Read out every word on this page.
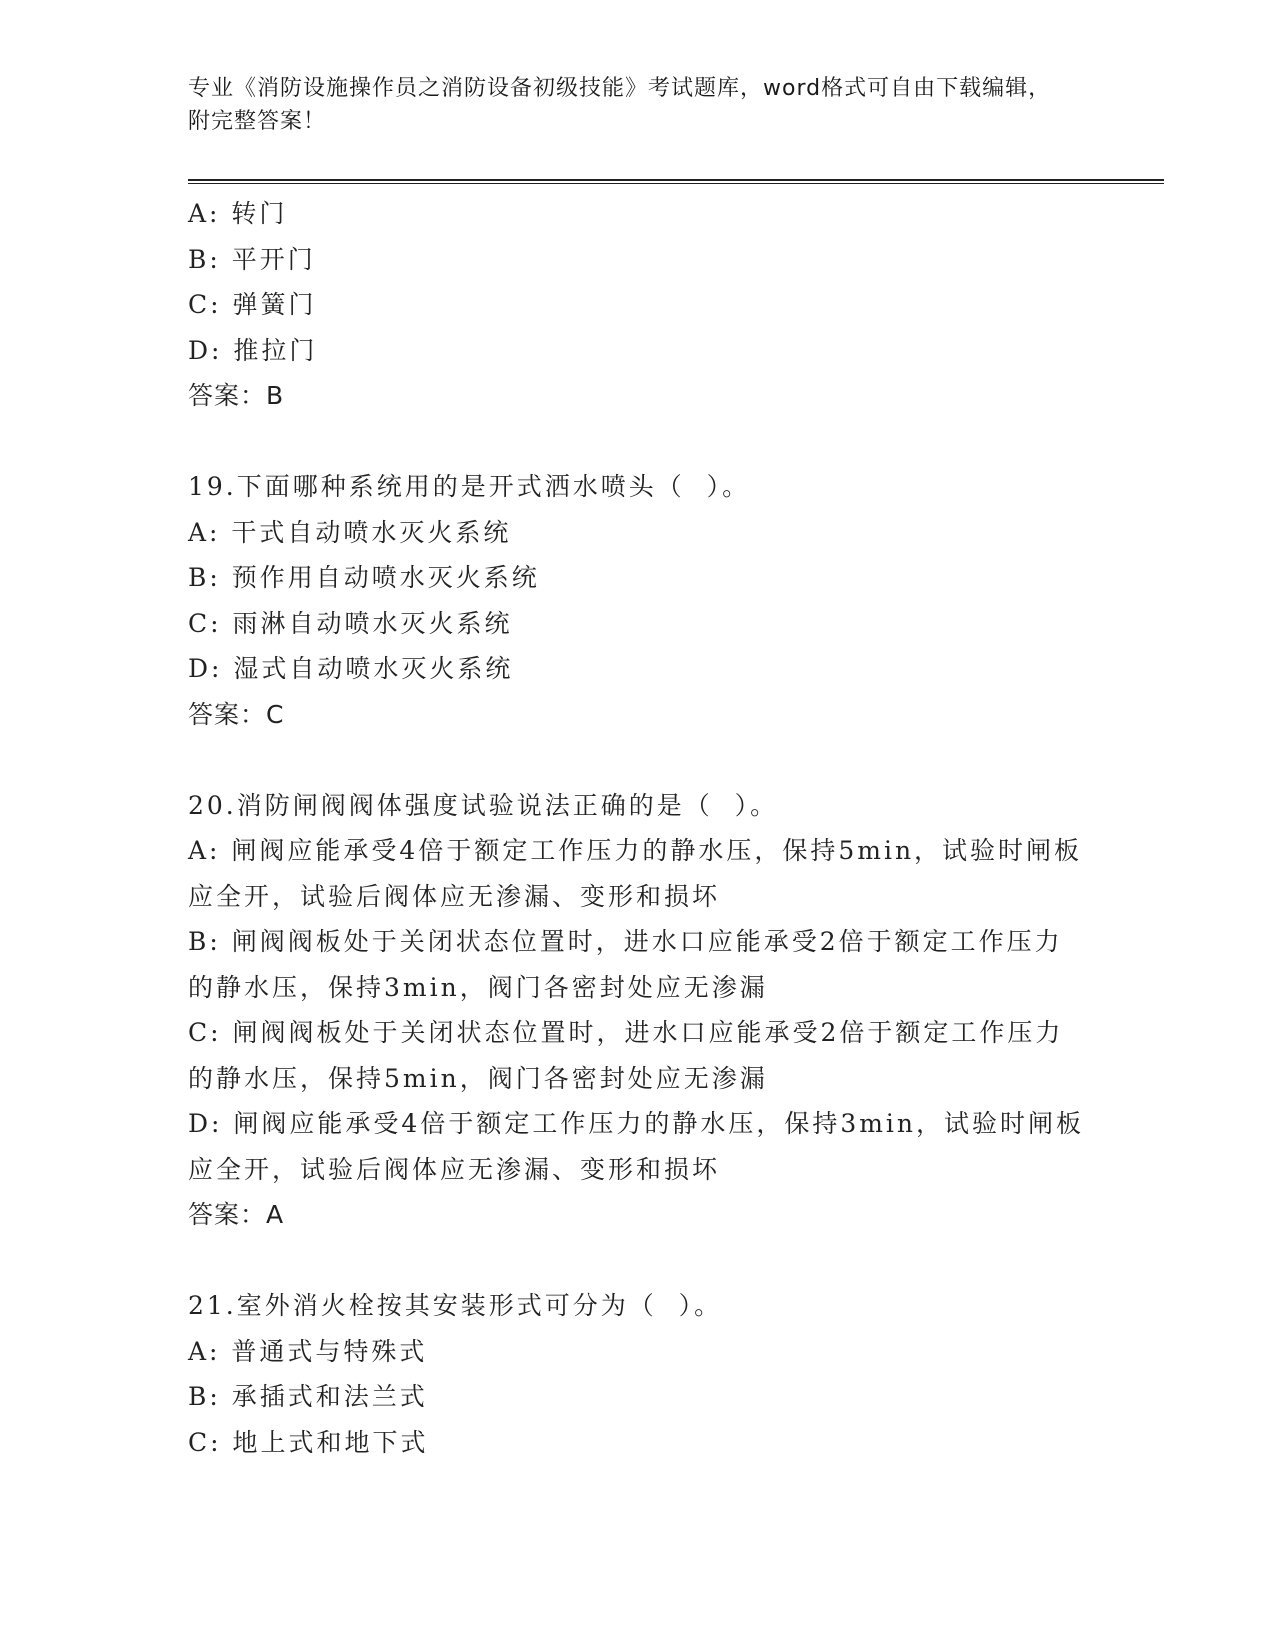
专业《消防设施操作员之消防设备初级技能》考试题库，word格式可自由下载编辑，附完整答案！

A: 转门

B: 平开门

C: 弹簧门

D: 推拉门

答案：B

19.下面哪种系统用的是开式洒水喷头（  ）。

A: 干式自动喷水灭火系统

B: 预作用自动喷水灭火系统

C: 雨淋自动喷水灭火系统

D: 湿式自动喷水灭火系统

答案：C

20.消防闸阀阀体强度试验说法正确的是（  ）。

A: 闸阀应能承受4倍于额定工作压力的静水压，保持5min，试验时闸板应全开，试验后阀体应无渗漏、变形和损坏

B: 闸阀阀板处于关闭状态位置时，进水口应能承受2倍于额定工作压力的静水压，保持3min，阀门各密封处应无渗漏

C: 闸阀阀板处于关闭状态位置时，进水口应能承受2倍于额定工作压力的静水压，保持5min，阀门各密封处应无渗漏

D: 闸阀应能承受4倍于额定工作压力的静水压，保持3min，试验时闸板应全开，试验后阀体应无渗漏、变形和损坏

答案：A

21.室外消火栓按其安装形式可分为（  ）。

A: 普通式与特殊式

B: 承插式和法兰式

C: 地上式和地下式
